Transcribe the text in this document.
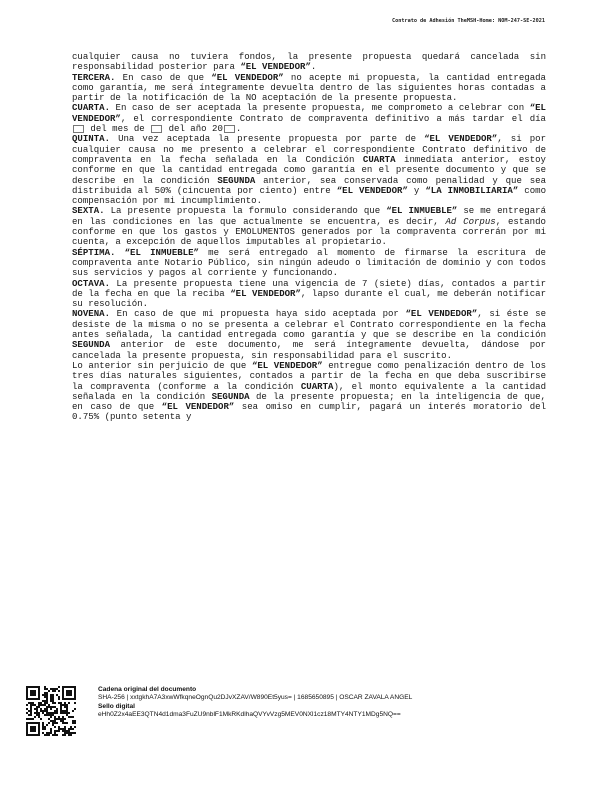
Contrato de Adhesión TheMSH-Home: NOM-247-SE-2021

cualquier causa no tuviera fondos, la presente propuesta quedará cancelada sin responsabilidad posterior para “EL VENDEDOR”.

TERCERA. En caso de que “EL VENDEDOR” no acepte mi propuesta, la cantidad entregada como garantía, me será íntegramente devuelta dentro de las siguientes horas contadas a partir de la notificación de la NO aceptación de la presente propuesta.

CUARTA. En caso de ser aceptada la presente propuesta, me comprometo a celebrar con “EL VENDEDOR”, el correspondiente Contrato de compraventa definitivo a más tardar el día  del mes de  del año 20 .

QUINTA. Una vez aceptada la presente propuesta por parte de “EL VENDEDOR”, si por cualquier causa no me presento a celebrar el correspondiente Contrato definitivo de compraventa en la fecha señalada en la Condición CUARTA inmediata anterior, estoy conforme en que la cantidad entregada como garantía en el presente documento y que se describe en la condición SEGUNDA anterior, sea conservada como penalidad y que sea distribuida al 50% (cincuenta por ciento) entre “EL VENDEDOR” y “LA INMOBILIARIA” como compensación por mi incumplimiento.

SEXTA. La presente propuesta la formulo considerando que “EL INMUEBLE” se me entregará en las condiciones en las que actualmente se encuentra, es decir, Ad Corpus, estando conforme en que los gastos y EMOLUMENTOS generados por la compraventa correrán por mi cuenta, a excepción de aquellos imputables al propietario.

SÉPTIMA. “EL INMUEBLE” me será entregado al momento de firmarse la escritura de compraventa ante Notario Público, sin ningún adeudo o limitación de dominio y con todos sus servicios y pagos al corriente y funcionando.

OCTAVA. La presente propuesta tiene una vigencia de 7 (siete) días, contados a partir de la fecha en que la reciba “EL VENDEDOR”, lapso durante el cual, me deberán notificar su resolución.

NOVENA. En caso de que mi propuesta haya sido aceptada por “EL VENDEDOR”, si éste se desiste de la misma o no se presenta a celebrar el Contrato correspondiente en la fecha antes señalada, la cantidad entregada como garantía y que se describe en la condición SEGUNDA anterior de este documento, me será íntegramente devuelta, dándose por cancelada la presente propuesta, sin responsabilidad para el suscrito.

Lo anterior sin perjuicio de que “EL VENDEDOR” entregue como penalización dentro de los tres días naturales siguientes, contados a partir de la fecha en que deba suscribirse la compraventa (conforme a la condición CUARTA), el monto equivalente a la cantidad señalada en la condición SEGUNDA de la presente propuesta; en la inteligencia de que, en caso de que “EL VENDEDOR” sea omiso en cumplir, pagará un interés moratorio del 0.75% (punto setenta y

Cadena original del documento
SHA-256 | xxtgkhA7A3xwWfkqneOgnQu2DJvXZAV/W890Et5yus= | 1685650895 | OSCAR ZAVALA ANGEL
Sello digital
eHh0Z2x4aEE3QTN4d1dma3FuZU9nblF1MkRKdlhaQVYvVzg5MEV0NXl1cz18MTY4NTY1MDg5NQ==
